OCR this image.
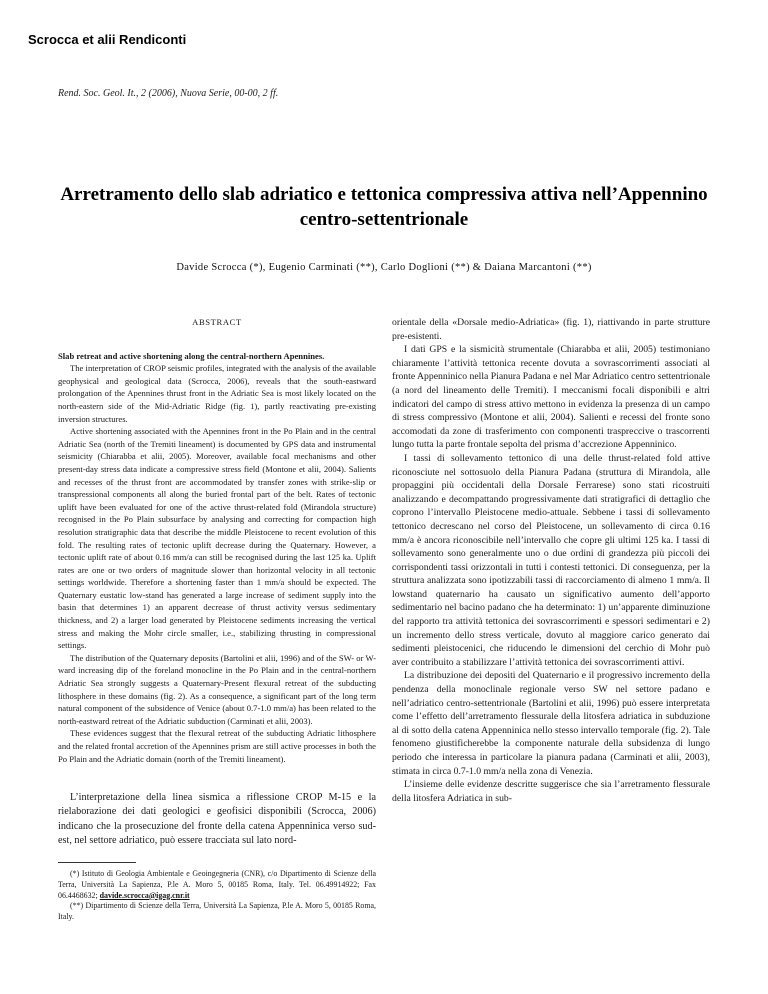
Scrocca et alii Rendiconti
Rend. Soc. Geol. It., 2 (2006), Nuova Serie, 00-00, 2 ff.
Arretramento dello slab adriatico e tettonica compressiva attiva nell’Appennino centro-settentrionale
Davide Scrocca (*), Eugenio Carminati (**), Carlo Doglioni (**) & Daiana Marcantoni (**)
ABSTRACT

Slab retreat and active shortening along the central-northern Apennines.

The interpretation of CROP seismic profiles, integrated with the analysis of the available geophysical and geological data (Scrocca, 2006), reveals that the south-eastward prolongation of the Apennines thrust front in the Adriatic Sea is most likely located on the north-eastern side of the Mid-Adriatic Ridge (fig. 1), partly reactivating pre-existing inversion structures.

Active shortening associated with the Apennines front in the Po Plain and in the central Adriatic Sea (north of the Tremiti lineament) is documented by GPS data and instrumental seismicity (Chiarabba et alii, 2005). Moreover, available focal mechanisms and other present-day stress data indicate a compressive stress field (Montone et alii, 2004). Salients and recesses of the thrust front are accommodated by transfer zones with strike-slip or transpressional components all along the buried frontal part of the belt. Rates of tectonic uplift have been evaluated for one of the active thrust-related fold (Mirandola structure) recognised in the Po Plain subsurface by analysing and correcting for compaction high resolution stratigraphic data that describe the middle Pleistocene to recent evolution of this fold. The resulting rates of tectonic uplift decrease during the Quaternary. However, a tectonic uplift rate of about 0.16 mm/a can still be recognised during the last 125 ka. Uplift rates are one or two orders of magnitude slower than horizontal velocity in all tectonic settings worldwide. Therefore a shortening faster than 1 mm/a should be expected. The Quaternary eustatic low-stand has generated a large increase of sediment supply into the basin that determines 1) an apparent decrease of thrust activity versus sedimentary thickness, and 2) a larger load generated by Pleistocene sediments increasing the vertical stress and making the Mohr circle smaller, i.e., stabilizing thrusting in compressional settings.

The distribution of the Quaternary deposits (Bartolini et alii, 1996) and of the SW- or W-ward increasing dip of the foreland monocline in the Po Plain and in the central-northern Adriatic Sea strongly suggests a Quaternary-Present flexural retreat of the subducting lithosphere in these domains (fig. 2). As a consequence, a significant part of the long term natural component of the subsidence of Venice (about 0.7-1.0 mm/a) has been related to the north-eastward retreat of the Adriatic subduction (Carminati et alii, 2003).

These evidences suggest that the flexural retreat of the subducting Adriatic lithosphere and the related frontal accretion of the Apennines prism are still active processes in both the Po Plain and the Adriatic domain (north of the Tremiti lineament).

L’interpretazione della linea sismica a riflessione CROP M-15 e la rielaborazione dei dati geologici e geofisici disponibili (Scrocca, 2006) indicano che la prosecuzione del fronte della catena Appenninica verso sud-est, nel settore adriatico, può essere tracciata sul lato nord-

(*) Istituto di Geologia Ambientale e Geoingegneria (CNR), c/o Dipartimento di Scienze della Terra, Università La Sapienza, P.le A. Moro 5, 00185 Roma, Italy. Tel. 06.49914922; Fax 06.4468632; davide.scrocca@igag.cnr.it

(**) Dipartimento di Scienze della Terra, Università La Sapienza, P.le A. Moro 5, 00185 Roma, Italy.

orientale della «Dorsale medio-Adriatica» (fig. 1), riattivando in parte strutture pre-esistenti.

I dati GPS e la sismicità strumentale (Chiarabba et alii, 2005) testimoniano chiaramente l’attività tettonica recente dovuta a sovrascorrimenti associati al fronte Appenninico nella Pianura Padana e nel Mar Adriatico centro settentrionale (a nord del lineamento delle Tremiti). I meccanismi focali disponibili e altri indicatori del campo di stress attivo mettono in evidenza la presenza di un campo di stress compressivo (Montone et alii, 2004). Salienti e recessi del fronte sono accomodati da zone di trasferimento con componenti trasprессive o trascorrenti lungo tutta la parte frontale sepolta del prisma d’accrezione Appenninico.

I tassi di sollevamento tettonico di una delle thrust-related fold attive riconosciute nel sottosuolo della Pianura Padana (struttura di Mirandola, alle propaggini più occidentali della Dorsale Ferrarese) sono stati ricostruiti analizzando e decompattando progressivamente dati stratigrafici di dettaglio che coprono l’intervallo Pleistocene medio-attuale. Sebbene i tassi di sollevamento tettonico decrescano nel corso del Pleistocene, un sollevamento di circa 0.16 mm/a è ancora riconoscibile nell’intervallo che copre gli ultimi 125 ka. I tassi di sollevamento sono generalmente uno o due ordini di grandezza più piccoli dei corrispondenti tassi orizzontali in tutti i contesti tettonici. Di conseguenza, per la struttura analizzata sono ipotizzabili tassi di raccorciamento di almeno 1 mm/a. Il lowstand quaternario ha causato un significativo aumento dell’apporto sedimentario nel bacino padano che ha determinato: 1) un’apparente diminuzione del rapporto tra attività tettonica dei sovrascorrimenti e spessori sedimentari e 2) un incremento dello stress verticale, dovuto al maggiore carico generato dai sedimenti pleistocenici, che riducendo le dimensioni del cerchio di Mohr può aver contribuito a stabilizzare l’attività tettonica dei sovrascorrimenti attivi.

La distribuzione dei depositi del Quaternario e il progressivo incremento della pendenza della monoclinale regionale verso SW nel settore padano e nell’adriatico centro-settentrionale (Bartolini et alii, 1996) può essere interpretata come l’effetto dell’arretramento flessurale della litosfera adriatica in subduzione al di sotto della catena Appenninica nello stesso intervallo temporale (fig. 2). Tale fenomeno giustificherebbe la componente naturale della subsidenza di lungo periodo che interessa in particolare la pianura padana (Carminati et alii, 2003), stimata in circa 0.7-1.0 mm/a nella zona di Venezia.

L’insieme delle evidenze descritte suggerisce che sia l’arretramento flessurale della litosfera Adriatica in sub-
